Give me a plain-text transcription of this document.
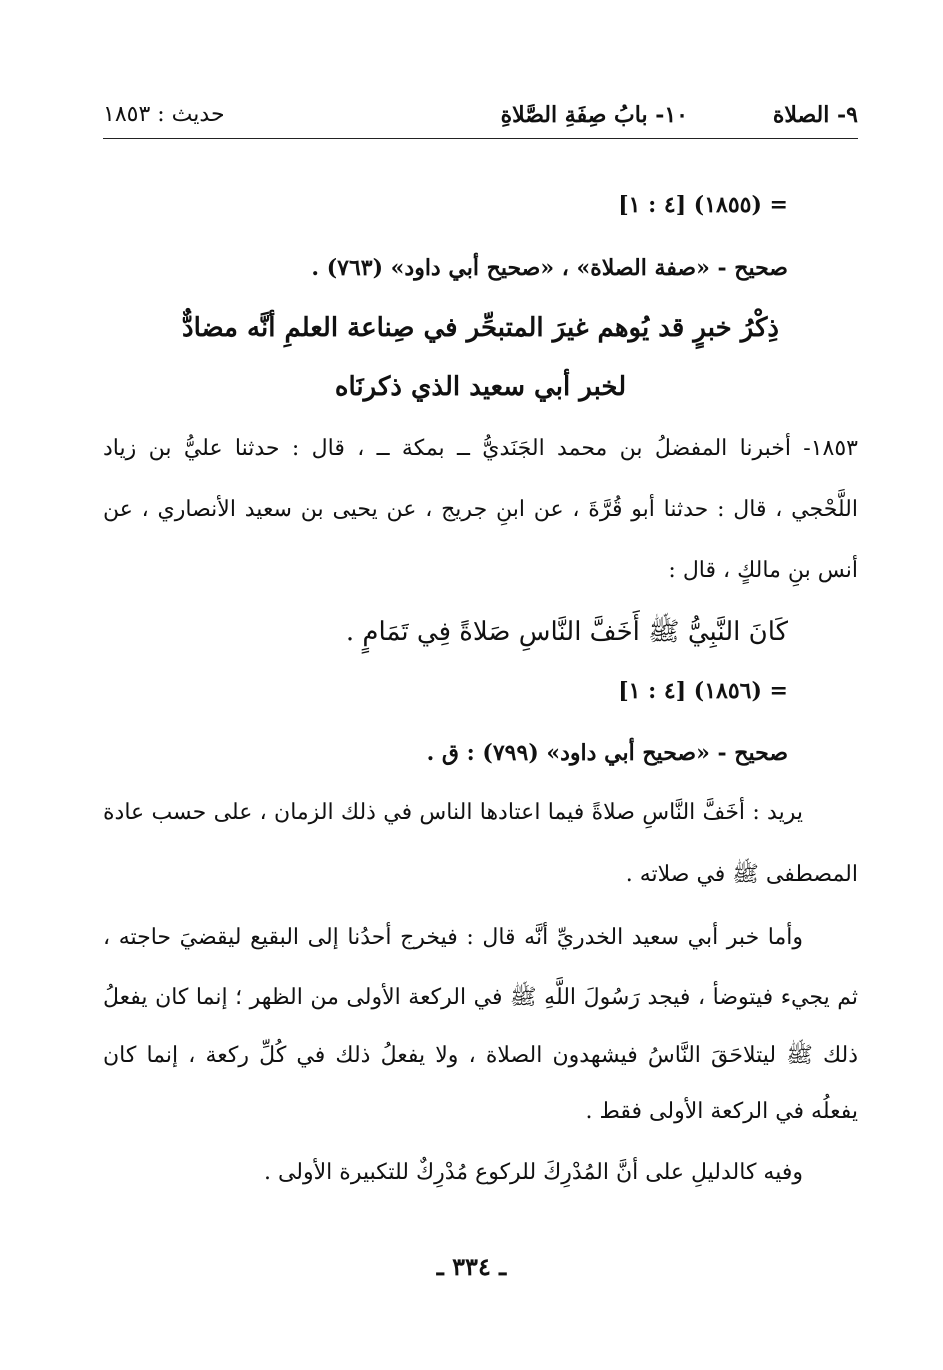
٩- الصلاة
١٠- بابُ صِفَةِ الصَّلاةِ
حديث : ١٨٥٣
= (١٨٥٥) [٤ : ١]
صحيح - «صفة الصلاة» ، «صحيح أبي داود» (٧٦٣) .
ذِكْرُ خبرٍ قد يُوهم غيرَ المتبحِّر في صِناعة العلمِ أنَّه مضادٌّ
لخبر أبي سعيد الذي ذكرنَاه
١٨٥٣- أخبرنا المفضلُ بن محمد الجَنَديُّ ــ بمكة ــ ، قال : حدثنا عليُّ بن زياد
اللَّحْجي ، قال : حدثنا أبو قُرَّةَ ، عن ابنِ جريج ، عن يحيى بن سعيد الأنصاري ، عن
أنس بنِ مالكٍ ، قال :
كَانَ النَّبِيُّ ﷺ أَخَفَّ النَّاسِ صَلاةً فِي تَمَامٍ .
= (١٨٥٦) [٤ : ١]
صحيح - «صحيح أبي داود» (٧٩٩) : ق .
يريد : أخَفَّ النَّاسِ صلاةً فيما اعتادها الناس في ذلك الزمان ، على حسب عادة
المصطفى ﷺ في صلاته .
وأما خبر أبي سعيد الخدريِّ أنَّه قال : فيخرج أحدُنا إلى البقيع ليقضيَ حاجته ،
ثم يجيء فيتوضأ ، فيجد رَسُولَ اللَّهِ ﷺ في الركعة الأولى من الظهر ؛ إنما كان يفعلُ
ذلك ﷺ ليتلاحَقَ النَّاسُ فيشهدون الصلاة ، ولا يفعلُ ذلك في كُلِّ ركعة ، إنما كان
يفعلُه في الركعة الأولى فقط .
وفيه كالدليلِ على أنَّ المُدْرِكَ للركوع مُدْرِكٌ للتكبيرة الأولى .
ـ ٣٣٤ ـ
